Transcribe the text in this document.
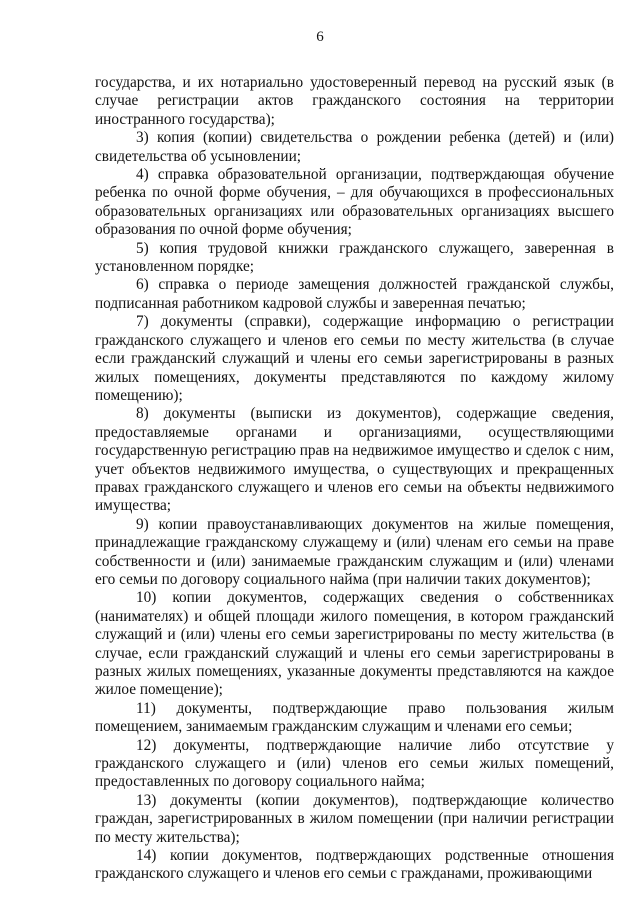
6

государства, и их нотариально удостоверенный перевод на русский язык (в случае регистрации актов гражданского состояния на территории иностранного государства);

3) копия (копии) свидетельства о рождении ребенка (детей) и (или) свидетельства об усыновлении;

4) справка образовательной организации, подтверждающая обучение ребенка по очной форме обучения, – для обучающихся в профессиональных образовательных организациях или образовательных организациях высшего образования по очной форме обучения;

5) копия трудовой книжки гражданского служащего, заверенная в установленном порядке;

6) справка о периоде замещения должностей гражданской службы, подписанная работником кадровой службы и заверенная печатью;

7) документы (справки), содержащие информацию о регистрации гражданского служащего и членов его семьи по месту жительства (в случае если гражданский служащий и члены его семьи зарегистрированы в разных жилых помещениях, документы представляются по каждому жилому помещению);

8) документы (выписки из документов), содержащие сведения, предоставляемые органами и организациями, осуществляющими государственную регистрацию прав на недвижимое имущество и сделок с ним, учет объектов недвижимого имущества, о существующих и прекращенных правах гражданского служащего и членов его семьи на объекты недвижимого имущества;

9) копии правоустанавливающих документов на жилые помещения, принадлежащие гражданскому служащему и (или) членам его семьи на праве собственности и (или) занимаемые гражданским служащим и (или) членами его семьи по договору социального найма (при наличии таких документов);

10) копии документов, содержащих сведения о собственниках (нанимателях) и общей площади жилого помещения, в котором гражданский служащий и (или) члены его семьи зарегистрированы по месту жительства (в случае, если гражданский служащий и члены его семьи зарегистрированы в разных жилых помещениях, указанные документы представляются на каждое жилое помещение);

11) документы, подтверждающие право пользования жилым помещением, занимаемым гражданским служащим и членами его семьи;

12) документы, подтверждающие наличие либо отсутствие у гражданского служащего и (или) членов его семьи жилых помещений, предоставленных по договору социального найма;

13) документы (копии документов), подтверждающие количество граждан, зарегистрированных в жилом помещении (при наличии регистрации по месту жительства);

14) копии документов, подтверждающих родственные отношения гражданского служащего и членов его семьи с гражданами, проживающими
